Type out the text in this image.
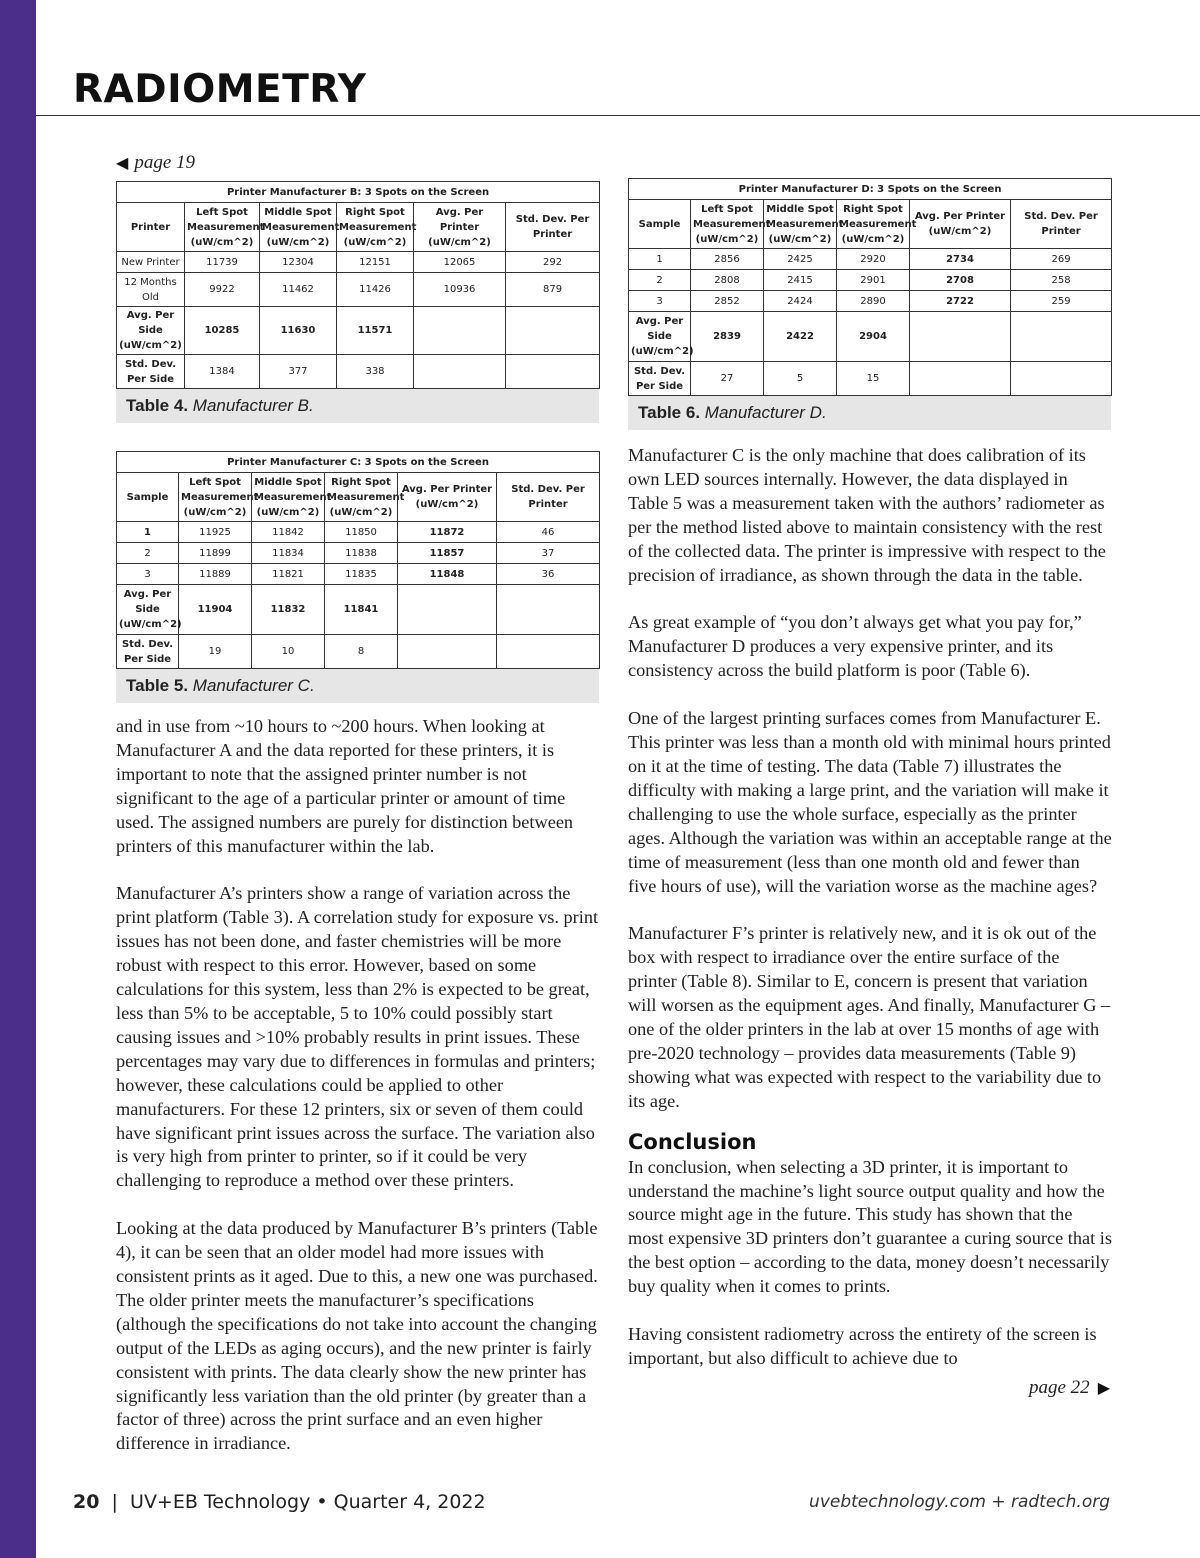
RADIOMETRY
◀ page 19
Printer Manufacturer B: 3 Spots on the Screen					
Printer	Left Spot Measurement (uW/cm^2)	Middle Spot Measurement (uW/cm^2)	Right Spot Measurement (uW/cm^2)	Avg. Per Printer (uW/cm^2)	Std. Dev. Per Printer
New Printer	11739	12304	12151	12065	292
12 Months Old	9922	11462	11426	10936	879
Avg. Per Side (uW/cm^2)	10285	11630	11571		
Std. Dev. Per Side	1384	377	338		
Table 4. Manufacturer B.
Printer Manufacturer C: 3 Spots on the Screen					
Sample	Left Spot Measurement (uW/cm^2)	Middle Spot Measurement (uW/cm^2)	Right Spot Measurement (uW/cm^2)	Avg. Per Printer (uW/cm^2)	Std. Dev. Per Printer
1	11925	11842	11850	11872	46
2	11899	11834	11838	11857	37
3	11889	11821	11835	11848	36
Avg. Per Side (uW/cm^2)	11904	11832	11841		
Std. Dev. Per Side	19	10	8		
Table 5. Manufacturer C.

and in use from ~10 hours to ~200 hours. When looking at Manufacturer A and the data reported for these printers, it is important to note that the assigned printer number is not significant to the age of a particular printer or amount of time used. The assigned numbers are purely for distinction between printers of this manufacturer within the lab.

Manufacturer A’s printers show a range of variation across the print platform (Table 3). A correlation study for exposure vs. print issues has not been done, and faster chemistries will be more robust with respect to this error. However, based on some calculations for this system, less than 2% is expected to be great, less than 5% to be acceptable, 5 to 10% could possibly start causing issues and >10% probably results in print issues. These percentages may vary due to differences in formulas and printers; however, these calculations could be applied to other manufacturers. For these 12 printers, six or seven of them could have significant print issues across the surface. The variation also is very high from printer to printer, so if it could be very challenging to reproduce a method over these printers.

Looking at the data produced by Manufacturer B’s printers (Table 4), it can be seen that an older model had more issues with consistent prints as it aged. Due to this, a new one was purchased. The older printer meets the manufacturer’s specifications (although the specifications do not take into account the changing output of the LEDs as aging occurs), and the new printer is fairly consistent with prints. The data clearly show the new printer has significantly less variation than the old printer (by greater than a factor of three) across the print surface and an even higher difference in irradiance.

Printer Manufacturer D: 3 Spots on the Screen					
Sample	Left Spot Measurement (uW/cm^2)	Middle Spot Measurement (uW/cm^2)	Right Spot Measurement (uW/cm^2)	Avg. Per Printer (uW/cm^2)	Std. Dev. Per Printer
1	2856	2425	2920	2734	269
2	2808	2415	2901	2708	258
3	2852	2424	2890	2722	259
Avg. Per Side (uW/cm^2)	2839	2422	2904		
Std. Dev. Per Side	27	5	15		
Table 6. Manufacturer D.

Manufacturer C is the only machine that does calibration of its own LED sources internally. However, the data displayed in Table 5 was a measurement taken with the authors’ radiometer as per the method listed above to maintain consistency with the rest of the collected data. The printer is impressive with respect to the precision of irradiance, as shown through the data in the table.

As great example of “you don’t always get what you pay for,” Manufacturer D produces a very expensive printer, and its consistency across the build platform is poor (Table 6).

One of the largest printing surfaces comes from Manufacturer E. This printer was less than a month old with minimal hours printed on it at the time of testing. The data (Table 7) illustrates the difficulty with making a large print, and the variation will make it challenging to use the whole surface, especially as the printer ages. Although the variation was within an acceptable range at the time of measurement (less than one month old and fewer than five hours of use), will the variation worse as the machine ages?

Manufacturer F’s printer is relatively new, and it is ok out of the box with respect to irradiance over the entire surface of the printer (Table 8). Similar to E, concern is present that variation will worsen as the equipment ages. And finally, Manufacturer G – one of the older printers in the lab at over 15 months of age with pre-2020 technology – provides data measurements (Table 9) showing what was expected with respect to the variability due to its age.

Conclusion

In conclusion, when selecting a 3D printer, it is important to understand the machine’s light source output quality and how the source might age in the future. This study has shown that the most expensive 3D printers don’t guarantee a curing source that is the best option – according to the data, money doesn’t necessarily buy quality when it comes to prints.

Having consistent radiometry across the entirety of the screen is important, but also difficult to achieve due to

page 22 ▶
20  |  UV+EB Technology • Quarter 4, 2022	uvebtechnology.com + radtech.org
